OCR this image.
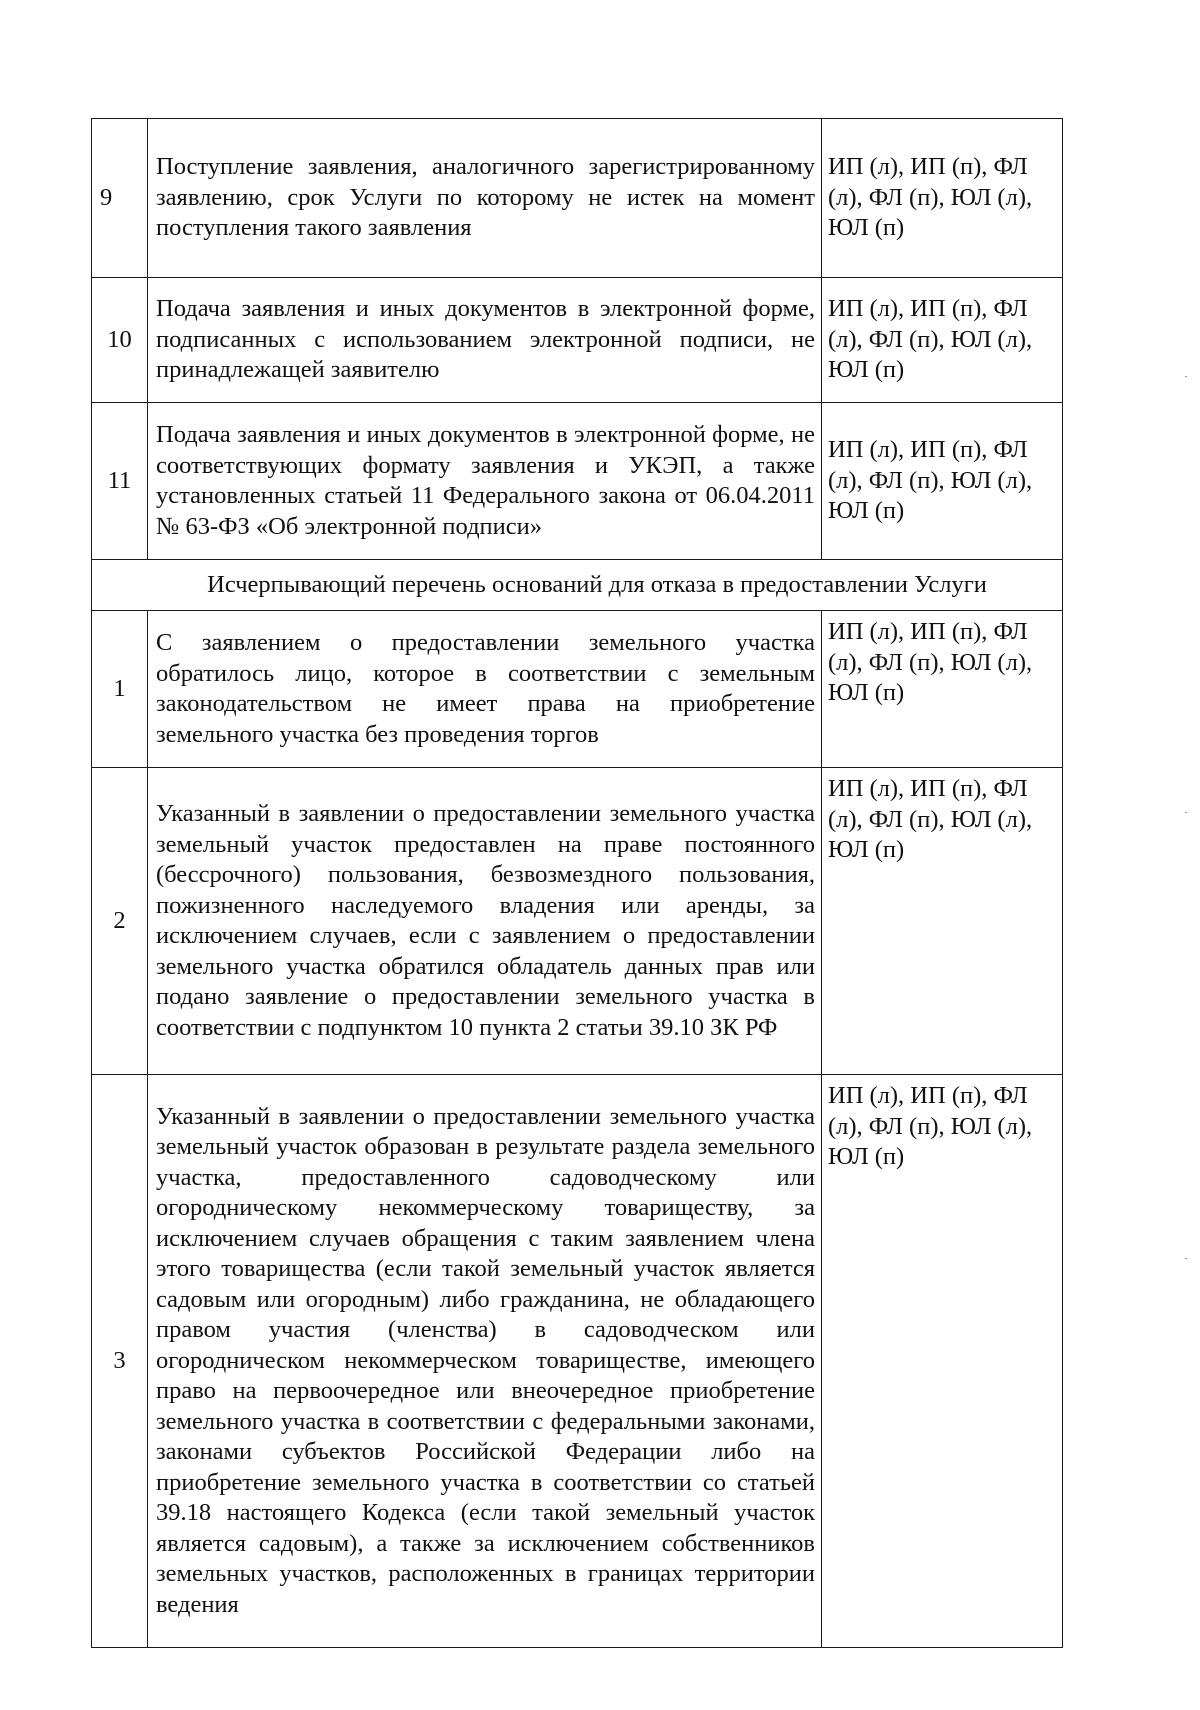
9	Поступление заявления, аналогичного зарегистрированному заявлению, срок Услуги по которому не истек на момент поступления такого заявления	ИП (л), ИП (п), ФЛ (л), ФЛ (п), ЮЛ (л), ЮЛ (п)
10	Подача заявления и иных документов в электронной форме, подписанных с использованием электронной подписи, не принадлежащей заявителю	ИП (л), ИП (п), ФЛ (л), ФЛ (п), ЮЛ (л), ЮЛ (п)
11	Подача заявления и иных документов в электронной форме, не соответствующих формату заявления и УКЭП, а также установленных статьей 11 Федерального закона от 06.04.2011 № 63-ФЗ «Об электронной подписи»	ИП (л), ИП (п), ФЛ (л), ФЛ (п), ЮЛ (л), ЮЛ (п)
Исчерпывающий перечень оснований для отказа в предоставлении Услуги		
1	С заявлением о предоставлении земельного участка обратилось лицо, которое в соответствии с земельным законодательством не имеет права на приобретение земельного участка без проведения торгов	ИП (л), ИП (п), ФЛ (л), ФЛ (п), ЮЛ (л), ЮЛ (п)
2	Указанный в заявлении о предоставлении земельного участка земельный участок предоставлен на праве постоянного (бессрочного) пользования, безвозмездного пользования, пожизненного наследуемого владения или аренды, за исключением случаев, если с заявлением о предоставлении земельного участка обратился обладатель данных прав или подано заявление о предоставлении земельного участка в соответствии с подпунктом 10 пункта 2 статьи 39.10 ЗК РФ	ИП (л), ИП (п), ФЛ (л), ФЛ (п), ЮЛ (л), ЮЛ (п)
3	Указанный в заявлении о предоставлении земельного участка земельный участок образован в результате раздела земельного участка, предоставленного садоводческому или огородническому некоммерческому товариществу, за исключением случаев обращения с таким заявлением члена этого товарищества (если такой земельный участок является садовым или огородным) либо гражданина, не обладающего правом участия (членства) в садоводческом или огородническом некоммерческом товариществе, имеющего право на первоочередное или внеочередное приобретение земельного участка в соответствии с федеральными законами, законами субъектов Российской Федерации либо на приобретение земельного участка в соответствии со статьей 39.18 настоящего Кодекса (если такой земельный участок является садовым), а также за исключением собственников земельных участков, расположенных в границах территории ведения	ИП (л), ИП (п), ФЛ (л), ФЛ (п), ЮЛ (л), ЮЛ (п)
